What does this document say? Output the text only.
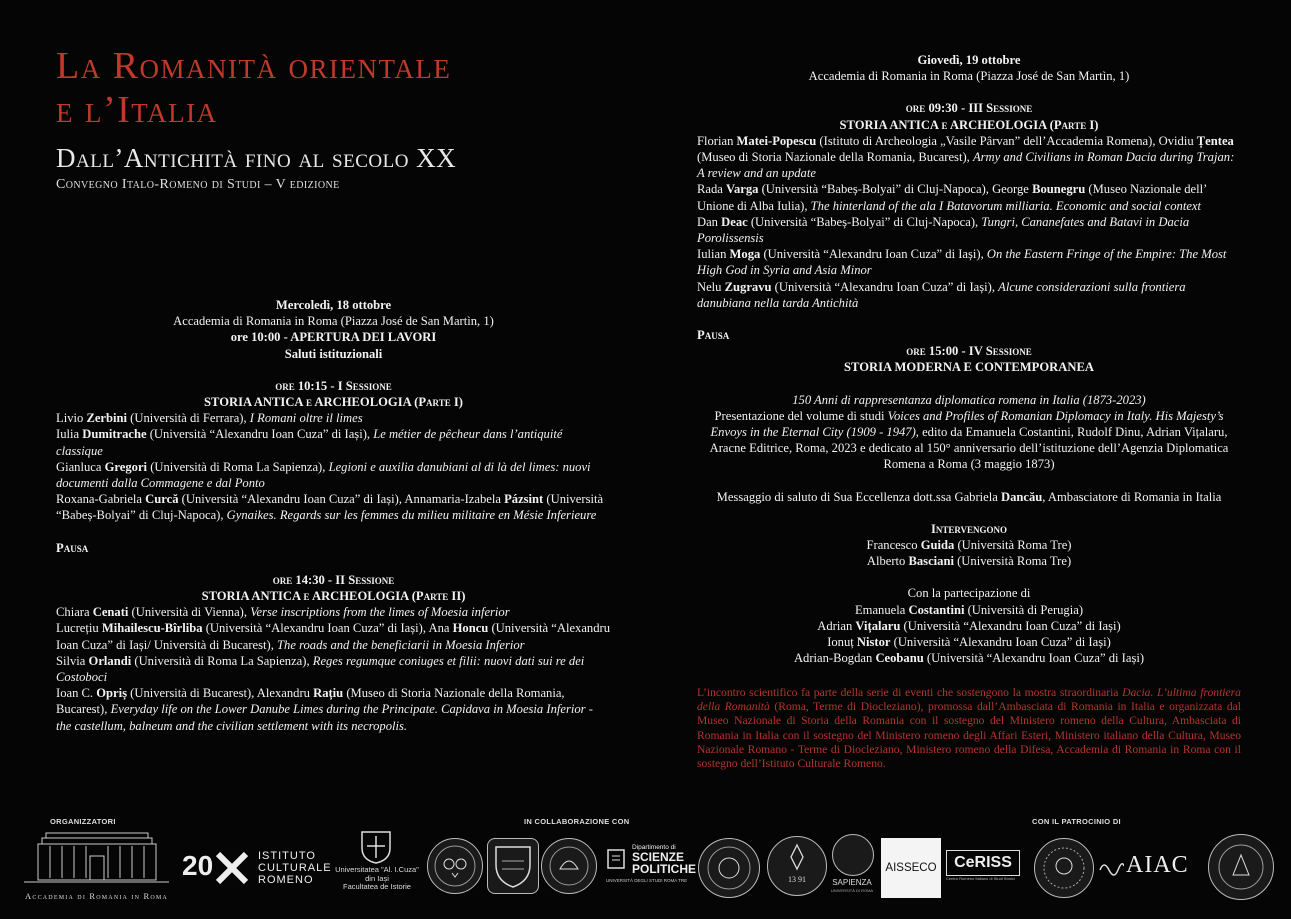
La Romanità orientale
e l’Italia
Dall’Antichità fino al secolo XX
Convegno Italo-Romeno di Studi – V edizione
Mercoledì, 18 ottobre
Accademia di Romania in Roma (Piazza José de San Martìn, 1)
ore 10:00 - APERTURA DEI LAVORI
Saluti istituzionali
ore 10:15 - I Sessione
STORIA ANTICA e ARCHEOLOGIA (Parte I)

Livio Zerbini (Università di Ferrara), I Romani oltre il limes

Iulia Dumitrache (Università “Alexandru Ioan Cuza” di Iași), Le métier de pêcheur dans l’antiquité classique

Gianluca Gregori (Università di Roma La Sapienza), Legioni e auxilia danubiani al di là del limes: nuovi documenti dalla Commagene e dal Ponto

Roxana-Gabriela Curcă (Università “Alexandru Ioan Cuza” di Iași), Annamaria-Izabela Pázsint (Università “Babeș-Bolyai” di Cluj-Napoca), Gynaikes. Regards sur les femmes du milieu militaire en Mésie Inferieure

Pausa
ore 14:30 - II Sessione
STORIA ANTICA e ARCHEOLOGIA (Parte II)

Chiara Cenati (Università di Vienna), Verse inscriptions from the limes of Moesia inferior

Lucrețiu Mihailescu-Bîrliba (Università “Alexandru Ioan Cuza” di Iași), Ana Honcu (Università “Alexandru Ioan Cuza” di Iași/ Università di Bucarest), The roads and the beneficiarii in Moesia Inferior

Silvia Orlandi (Università di Roma La Sapienza), Reges regumque coniuges et filii: nuovi dati sui re dei Costoboci

Ioan C. Opriș (Università di Bucarest), Alexandru Rațiu (Museo di Storia Nazionale della Romania, Bucarest), Everyday life on the Lower Danube Limes during the Principate. Capidava in Moesia Inferior - the castellum, balneum and the civilian settlement with its necropolis.

Giovedì, 19 ottobre
Accademia di Romania in Roma (Piazza José de San Martìn, 1)
ore 09:30 - III Sessione
STORIA ANTICA e ARCHEOLOGIA (Parte I)

Florian Matei-Popescu (Istituto di Archeologia „Vasile Pârvan” dell’Accademia Romena), Ovidiu Țentea (Museo di Storia Nazionale della Romania, Bucarest), Army and Civilians in Roman Dacia during Trajan: A review and an update

Rada Varga (Università “Babeș-Bolyai” di Cluj-Napoca), George Bounegru (Museo Nazionale dell’ Unione di Alba Iulia), The hinterland of the ala I Batavorum milliaria. Economic and social context

Dan Deac (Università “Babeș-Bolyai” di Cluj-Napoca), Tungri, Cananefates and Batavi in Dacia Porolissensis

Iulian Moga (Università “Alexandru Ioan Cuza” di Iași), On the Eastern Fringe of the Empire: The Most High God in Syria and Asia Minor

Nelu Zugravu (Università “Alexandru Ioan Cuza” di Iași), Alcune considerazioni sulla frontiera danubiana nella tarda Antichità

Pausa
ore 15:00 - IV Sessione
STORIA MODERNA E CONTEMPORANEA
150 Anni di rappresentanza diplomatica romena in Italia (1873-2023)

Presentazione del volume di studi Voices and Profiles of Romanian Diplomacy in Italy. His Majesty’s Envoys in the Eternal City (1909 - 1947), edito da Emanuela Costantini, Rudolf Dinu, Adrian Vițalaru, Aracne Editrice, Roma, 2023 e dedicato al 150° anniversario dell’istituzione dell’Agenzia Diplomatica Romena a Roma (3 maggio 1873)

Messaggio di saluto di Sua Eccellenza dott.ssa Gabriela Dancău, Ambasciatore di Romania in Italia

Intervengono
Francesco Guida (Università Roma Tre)
Alberto Basciani (Università Roma Tre)
Con la partecipazione di
Emanuela Costantini (Università di Perugia)
Adrian Vițalaru (Università “Alexandru Ioan Cuza” di Iași)
Ionuț Nistor (Università “Alexandru Ioan Cuza” di Iași)
Adrian-Bogdan Ceobanu (Università “Alexandru Ioan Cuza” di Iași)
L’incontro scientifico fa parte della serie di eventi che sostengono la mostra straordinaria Dacia. L’ultima frontiera della Romanità (Roma, Terme di Diocleziano), promossa dall’Ambasciata di Romania in Italia e organizzata dal Museo Nazionale di Storia della Romania con il sostegno del Ministero romeno della Cultura, Ambasciata di Romania in Italia con il sostegno del Ministero romeno degli Affari Esteri, Ministero italiano della Cultura, Museo Nazionale Romano - Terme di Diocleziano, Ministero romeno della Difesa, Accademia di Romania in Roma con il sostegno dell’Istituto Culturale Romeno.
ORGANIZZATORI	IN COLLABORAZIONE CON	CON IL PATROCINIO DI
Accademia di Romania in Roma
20	ISTITUTO
CULTURALE
ROMENO
Universitatea "Al. I.Cuza"
din Iași
Facultatea de Istorie
Dipartimento di
SCIENZE
POLITICHE
UNIVERSITÀ DEGLI STUDI ROMA TRE	13 91	SAPIENZA
UNIVERSITÀ DI ROMA
AISSECO	CeRISS
Centro Romeno Italiano di Studi Storici
AIAC
